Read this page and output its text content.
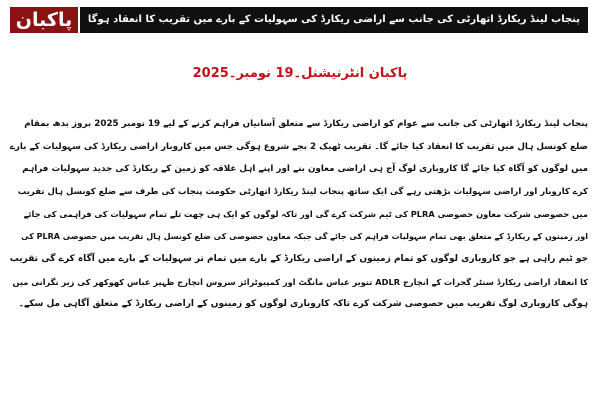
پاکبان	پنجاب لینڈ ریکارڈ اتھارٹی کی جانب سے اراضی ریکارڈ کی سہولیات کے بارے میں تقریب کا انعقاد ہوگا
پاکبان انٹرنیشنل۔19 نومبر۔2025
پنجاب لینڈ ریکارڈ اتھارٹی کی جانب سے عوام کو اراضی ریکارڈ سے متعلق آسانیاں فراہم کرنے کے لیے 19 نومبر 2025 بروز بدھ بمقام
ضلع کونسل ہال میں تقریب کا انعقاد کیا جائے گا۔ تقریب ٹھیک 2 بجے شروع ہوگی جس میں کاروبار اراضی ریکارڈ کی سہولیات کے بارے
میں لوگوں کو آگاہ کیا جائے گا کاروباری لوگ آج ہی اراضی معاون بنے اور اپنے اہل علاقہ کو زمین کے ریکارڈ کی جدید سہولیات فراہم
کرے کاروبار اور اراضی سہولیات بڑھتی رہے گی ایک ساتھ پنجاب لینڈ ریکارڈ اتھارٹی حکومت پنجاب کی طرف سے ضلع کونسل ہال تقریب
میں حصوصی شرکت معاون حصوصی PLRA کی ٹیم شرکت کرے گی اور تاکہ لوگوں کو ایک ہی چھت تلے تمام سہولیات کی فراہمی کی جائے
اور زمینوں کے ریکارڈ کے متعلق بھی تمام سہولیات فراہم کی جائے گی جبکہ معاون حصوصی کی ضلع کونسل ہال تقریب میں حصوصی PLRA کی
جو ٹیم راہی ہے جو کاروباری لوگوں کو تمام زمینوں کے اراضی ریکارڈ کے بارے میں تمام تر سہولیات کے بارے میں آگاہ کرے گی تقریب
کا انعقاد اراضی ریکارڈ سنٹر گجرات کے انچارج ADLR تنویر عباس مانگٹ اور کمپیوٹرائز سروس انچارج ظہیر عباس کھوکھر کی زیر نگرانی میں
ہوگی کاروباری لوگ تقریب میں حصوصی شرکت کرے تاکہ کاروباری لوگوں کو زمینوں کے اراضی ریکارڈ کے متعلق آگاہی مل سکے۔
